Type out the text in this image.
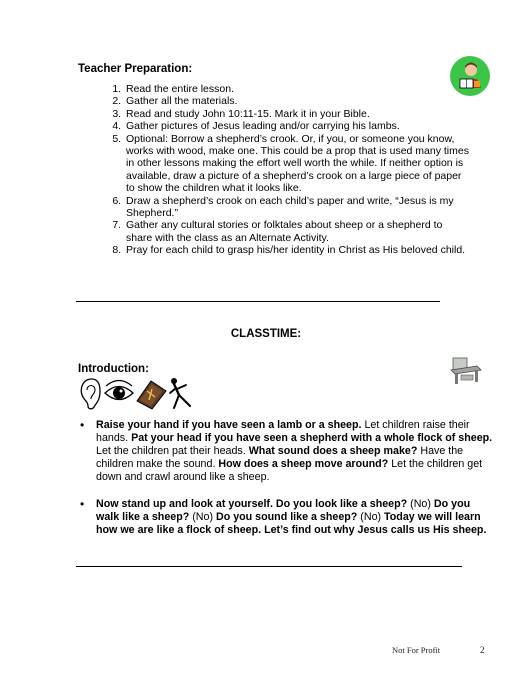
Teacher Preparation:
1. Read the entire lesson.
2. Gather all the materials.
3. Read and study John 10:11-15. Mark it in your Bible.
4. Gather pictures of Jesus leading and/or carrying his lambs.
5. Optional: Borrow a shepherd’s crook. Or, if you, or someone you know, works with wood, make one. This could be a prop that is used many times in other lessons making the effort well worth the while. If neither option is available, draw a picture of a shepherd’s crook on a large piece of paper to show the children what it looks like.
6. Draw a shepherd’s crook on each child’s paper and write, “Jesus is my Shepherd.”
7. Gather any cultural stories or folktales about sheep or a shepherd to share with the class as an Alternate Activity.
8. Pray for each child to grasp his/her identity in Christ as His beloved child.
CLASSTIME:
Introduction:
• Raise your hand if you have seen a lamb or a sheep. Let children raise their hands. Pat your head if you have seen a shepherd with a whole flock of sheep. Let the children pat their heads. What sound does a sheep make? Have the children make the sound. How does a sheep move around? Let the children get down and crawl around like a sheep.
• Now stand up and look at yourself. Do you look like a sheep? (No) Do you walk like a sheep? (No) Do you sound like a sheep? (No) Today we will learn how we are like a flock of sheep. Let’s find out why Jesus calls us His sheep.
Not For Profit	2
